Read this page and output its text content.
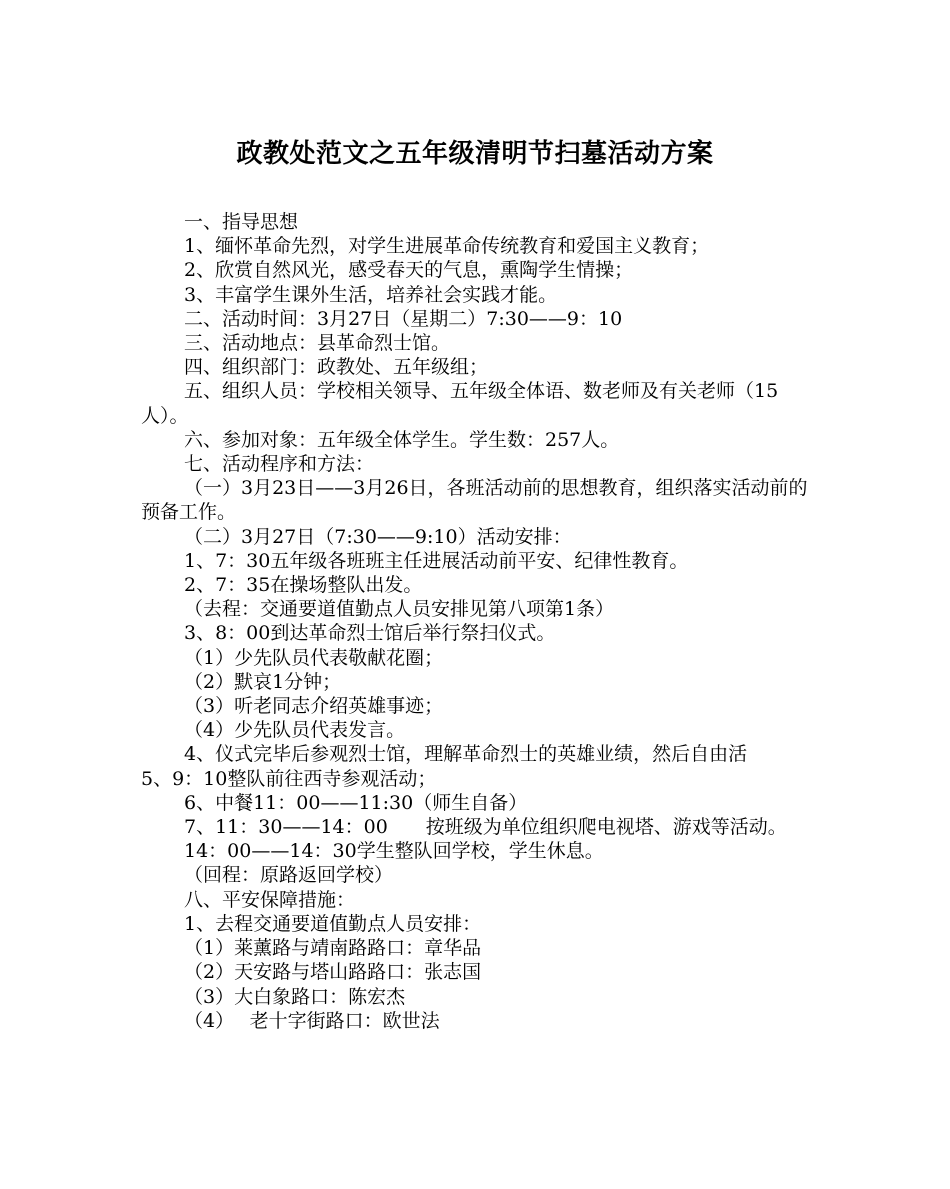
政教处范文之五年级清明节扫墓活动方案

一、指导思想

1、缅怀革命先烈，对学生进展革命传统教育和爱国主义教育；

2、欣赏自然风光，感受春天的气息，熏陶学生情操；

3、丰富学生课外生活，培养社会实践才能。

二、活动时间：3月27日（星期二）7:30——9：10

三、活动地点：县革命烈士馆。

四、组织部门：政教处、五年级组；

五、组织人员：学校相关领导、五年级全体语、数老师及有关老师（15人）。

六、参加对象：五年级全体学生。学生数：257人。

七、活动程序和方法：

（一）3月23日——3月26日，各班活动前的思想教育，组织落实活动前的预备工作。

（二）3月27日（7:30——9:10）活动安排：

1、7：30五年级各班班主任进展活动前平安、纪律性教育。

2、7：35在操场整队出发。

（去程：交通要道值勤点人员安排见第八项第1条）

3、8：00到达革命烈士馆后举行祭扫仪式。

（1）少先队员代表敬献花圈；

（2）默哀1分钟；

（3）听老同志介绍英雄事迹；

（4）少先队员代表发言。

4、仪式完毕后参观烈士馆，理解革命烈士的英雄业绩，然后自由活　　5、9：10整队前往西寺参观活动；

6、中餐11：00——11:30（师生自备）

7、11：30——14：00　　按班级为单位组织爬电视塔、游戏等活动。

14：00——14：30学生整队回学校，学生休息。

（回程：原路返回学校）

八、平安保障措施：

1、去程交通要道值勤点人员安排：

（1）莱薰路与靖南路路口：章华品

（2）天安路与塔山路路口：张志国

（3）大白象路口：陈宏杰

（4）　 老十字街路口：欧世法
